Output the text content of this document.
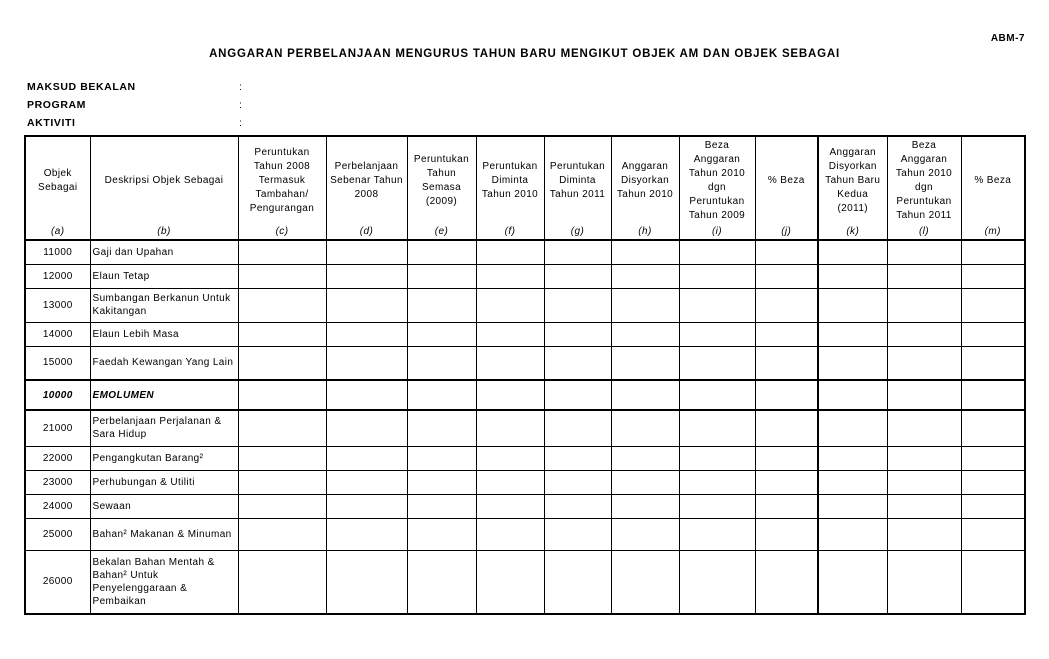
ABM-7
ANGGARAN PERBELANJAAN MENGURUS TAHUN BARU MENGIKUT OBJEK AM DAN OBJEK SEBAGAI
MAKSUD BEKALAN	:
PROGRAM	:
AKTIVITI	:
Objek Sebagai	Deskripsi Objek Sebagai	Peruntukan Tahun 2008 Termasuk Tambahan/ Pengurangan	Perbelanjaan Sebenar Tahun 2008	Peruntukan Tahun Semasa (2009)	Peruntukan Diminta Tahun 2010	Peruntukan Diminta Tahun 2011	Anggaran Disyorkan Tahun 2010	Beza Anggaran Tahun 2010 dgn Peruntukan Tahun 2009	% Beza	Anggaran Disyorkan Tahun Baru Kedua (2011)	Beza Anggaran Tahun 2010 dgn Peruntukan Tahun 2011	% Beza
(a)	(b)	(c)	(d)	(e)	(f)	(g)	(h)	(i)	(j)	(k)	(l)	(m)
11000	Gaji dan Upahan											
12000	Elaun Tetap											
13000	Sumbangan Berkanun Untuk Kakitangan											
14000	Elaun Lebih Masa											
15000	Faedah Kewangan Yang Lain											
10000	EMOLUMEN											
21000	Perbelanjaan Perjalanan & Sara Hidup											
22000	Pengangkutan Barang²											
23000	Perhubungan & Utiliti											
24000	Sewaan											
25000	Bahan² Makanan & Minuman											
26000	Bekalan Bahan Mentah & Bahan² Untuk Penyelenggaraan & Pembaikan											
